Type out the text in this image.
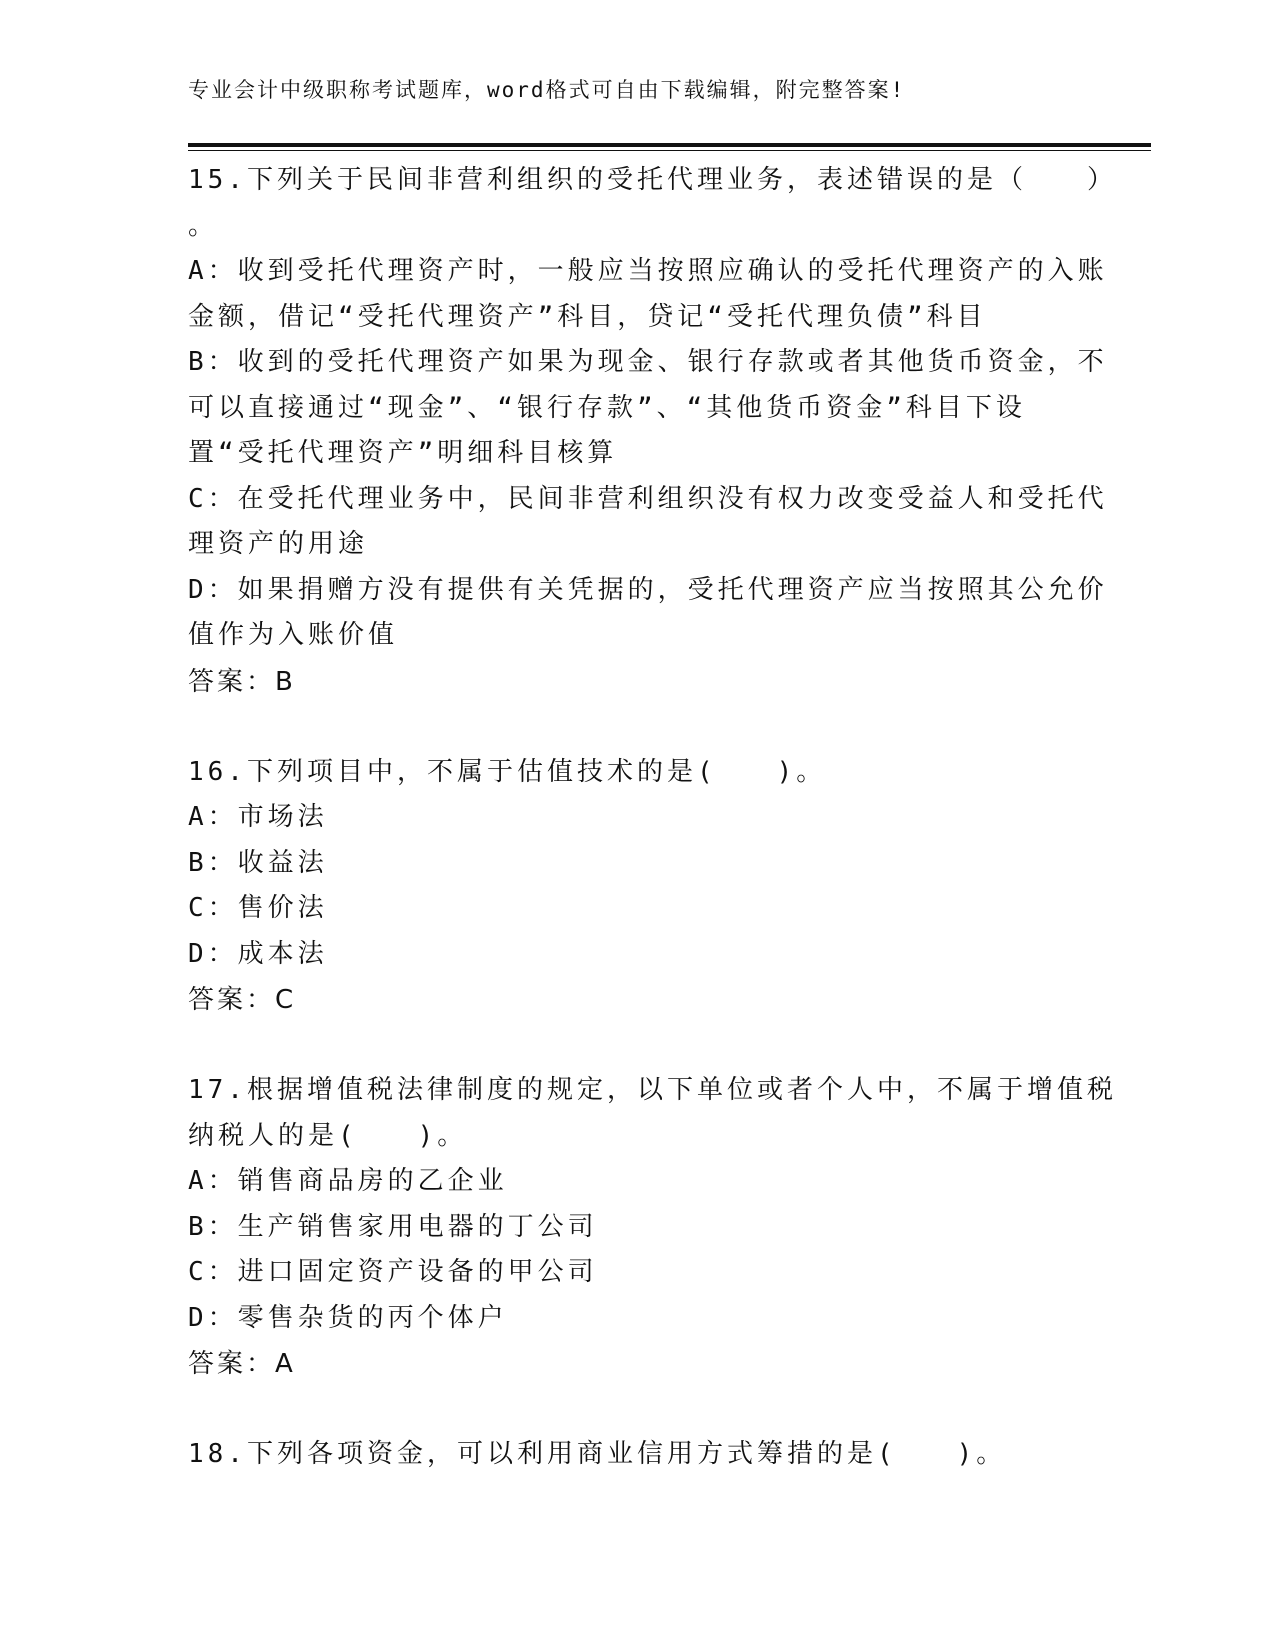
专业会计中级职称考试题库，word格式可自由下载编辑，附完整答案!
15.下列关于民间非营利组织的受托代理业务，表述错误的是（　　）
。
A：收到受托代理资产时，一般应当按照应确认的受托代理资产的入账
金额，借记“受托代理资产”科目，贷记“受托代理负债”科目
B：收到的受托代理资产如果为现金、银行存款或者其他货币资金，不
可以直接通过“现金”、“银行存款”、“其他货币资金”科目下设
置“受托代理资产”明细科目核算
C：在受托代理业务中，民间非营利组织没有权力改变受益人和受托代
理资产的用途
D：如果捐赠方没有提供有关凭据的，受托代理资产应当按照其公允价
值作为入账价值
答案：B
16.下列项目中，不属于估值技术的是(　　)。
A：市场法
B：收益法
C：售价法
D：成本法
答案：C
17.根据增值税法律制度的规定，以下单位或者个人中，不属于增值税
纳税人的是(　　)。
A：销售商品房的乙企业
B：生产销售家用电器的丁公司
C：进口固定资产设备的甲公司
D：零售杂货的丙个体户
答案：A
18.下列各项资金，可以利用商业信用方式筹措的是(　　)。
